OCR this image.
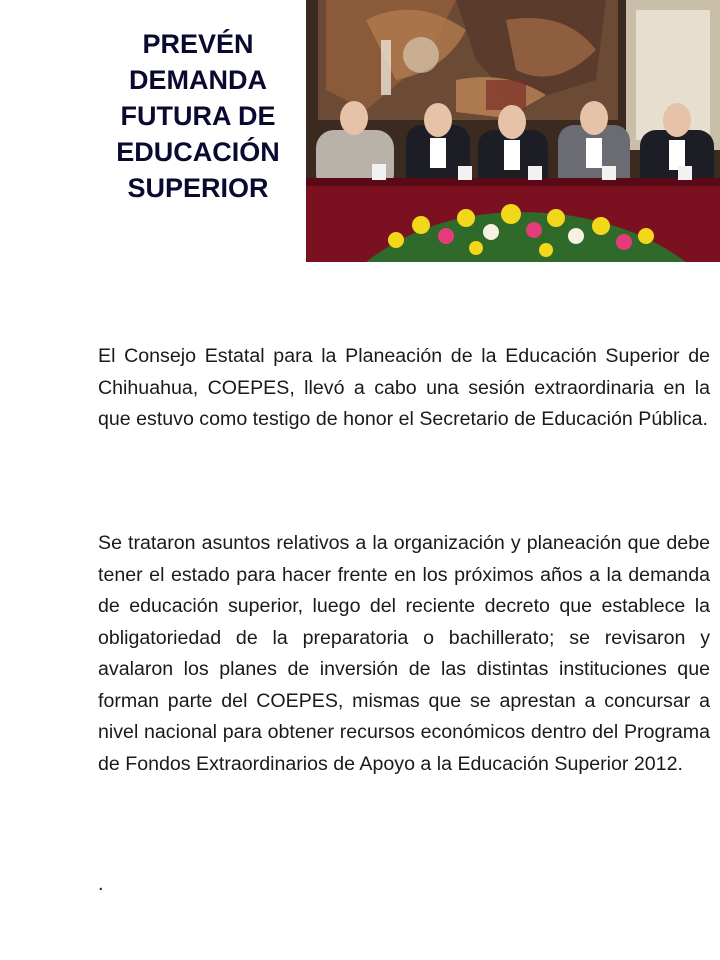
PREVÉN
DEMANDA
FUTURA DE
EDUCACIÓN
SUPERIOR
El Consejo Estatal para la Planeación de la Educación Superior de Chihuahua, COEPES, llevó a cabo una sesión extraordinaria en la que estuvo como testigo de honor el Secretario de Educación Pública.
Se trataron asuntos relativos a la organización y planeación que debe tener el estado para hacer frente en los próximos años a la demanda de educación superior, luego del reciente decreto que establece la obligatoriedad de la preparatoria o bachillerato; se revisaron y avalaron los planes de inversión de las distintas instituciones que forman parte del COEPES, mismas que se aprestan a concursar a nivel nacional para obtener recursos económicos dentro del Programa de Fondos Extraordinarios de Apoyo a la Educación Superior 2012.
.
